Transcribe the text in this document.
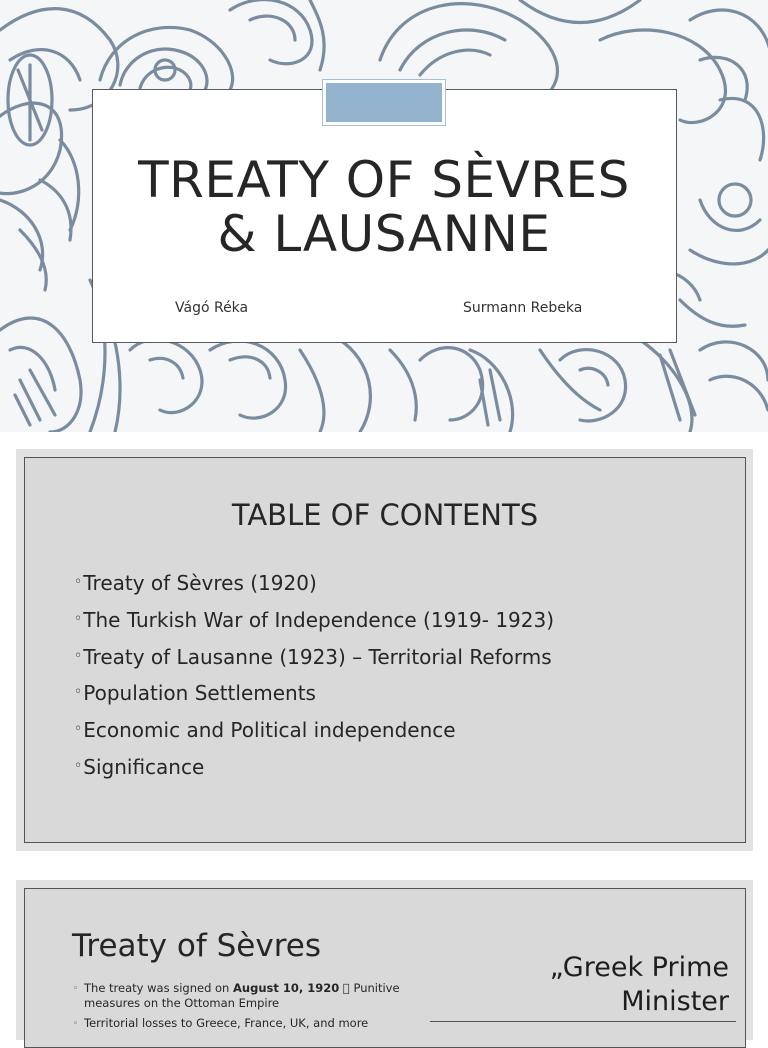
TREATY OF SÈVRES
& LAUSANNE
Vágó Réka	Surmann Rebeka
TABLE OF CONTENTS
◦Treaty of Sèvres (1920)
◦The Turkish War of Independence (1919- 1923)
◦Treaty of Lausanne (1923) – Territorial Reforms
◦Population Settlements
◦Economic and Political independence
◦Significance
Treaty of Sèvres
◦ The treaty was signed on August 10, 1920   Punitive
measures on the Ottoman Empire
◦ Territorial losses to Greece, France, UK, and more
„Greek Prime
Minister
